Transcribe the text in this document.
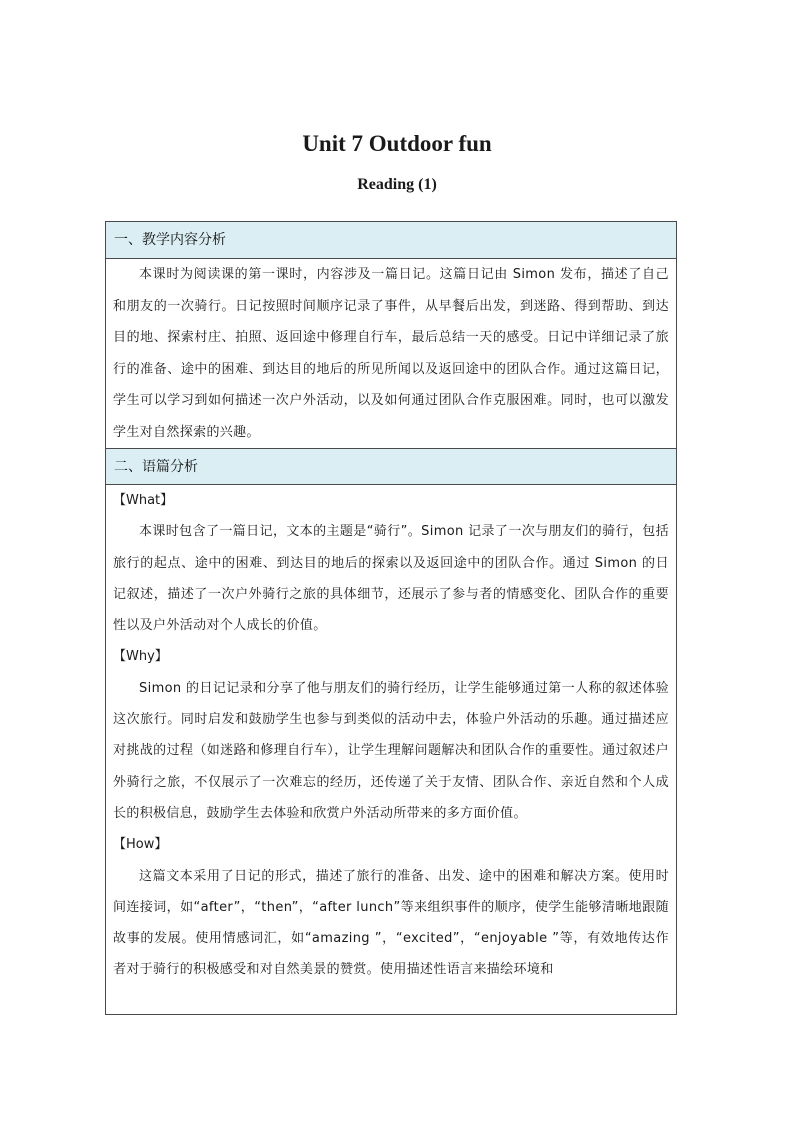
Unit 7 Outdoor fun
Reading (1)
一、教学内容分析

本课时为阅读课的第一课时，内容涉及一篇日记。这篇日记由 Simon 发布，描述了自己和朋友的一次骑行。日记按照时间顺序记录了事件，从早餐后出发，到迷路、得到帮助、到达目的地、探索村庄、拍照、返回途中修理自行车，最后总结一天的感受。日记中详细记录了旅行的准备、途中的困难、到达目的地后的所见所闻以及返回途中的团队合作。通过这篇日记，学生可以学习到如何描述一次户外活动，以及如何通过团队合作克服困难。同时，也可以激发学生对自然探索的兴趣。

二、语篇分析

【What】

本课时包含了一篇日记，文本的主题是“骑行”。Simon 记录了一次与朋友们的骑行，包括旅行的起点、途中的困难、到达目的地后的探索以及返回途中的团队合作。通过 Simon 的日记叙述，描述了一次户外骑行之旅的具体细节，还展示了参与者的情感变化、团队合作的重要性以及户外活动对个人成长的价值。

【Why】

Simon 的日记记录和分享了他与朋友们的骑行经历，让学生能够通过第一人称的叙述体验这次旅行。同时启发和鼓励学生也参与到类似的活动中去，体验户外活动的乐趣。通过描述应对挑战的过程（如迷路和修理自行车），让学生理解问题解决和团队合作的重要性。通过叙述户外骑行之旅，不仅展示了一次难忘的经历，还传递了关于友情、团队合作、亲近自然和个人成长的积极信息，鼓励学生去体验和欣赏户外活动所带来的多方面价值。

【How】

这篇文本采用了日记的形式，描述了旅行的准备、出发、途中的困难和解决方案。使用时间连接词，如“after”，“then”，“after lunch”等来组织事件的顺序，使学生能够清晰地跟随故事的发展。使用情感词汇，如“amazing ”，“excited”，“enjoyable ”等，有效地传达作者对于骑行的积极感受和对自然美景的赞赏。使用描述性语言来描绘环境和
